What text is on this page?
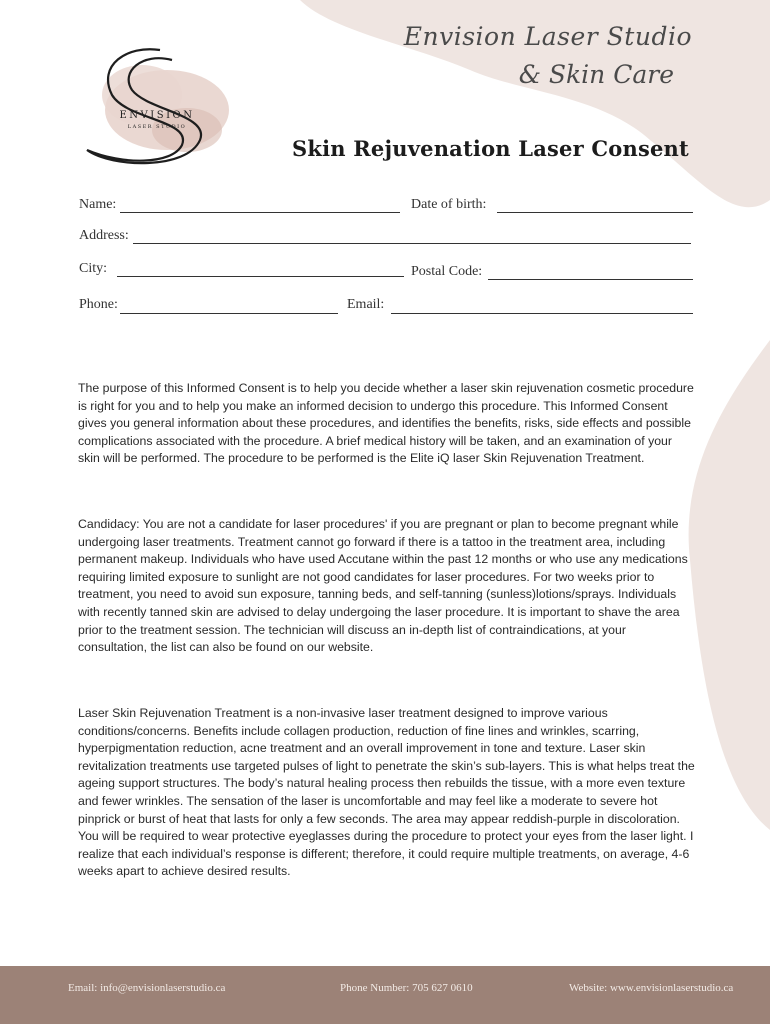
Envision Laser Studio
& Skin Care
ENVISION
LASER STUDIO
Skin Rejuvenation Laser Consent
Name:	Date of birth:
Address:
City:	Postal Code:
Phone:	Email:

The purpose of this Informed Consent is to help you decide whether a laser skin rejuvenation cosmetic procedure is right for you and to help you make an informed decision to undergo this procedure. This Informed Consent gives you general information about these procedures, and identifies the benefits, risks, side effects and possible complications associated with the procedure. A brief medical history will be taken, and an examination of your skin will be performed. The procedure to be performed is the Elite iQ laser Skin Rejuvenation Treatment.

Candidacy: You are not a candidate for laser procedures' if you are pregnant or plan to become pregnant while undergoing laser treatments. Treatment cannot go forward if there is a tattoo in the treatment area, including permanent makeup. Individuals who have used Accutane within the past 12 months or who use any medications requiring limited exposure to sunlight are not good candidates for laser procedures. For two weeks prior to treatment, you need to avoid sun exposure, tanning beds, and self-tanning (sunless)lotions/sprays. Individuals with recently tanned skin are advised to delay undergoing the laser procedure. It is important to shave the area prior to the treatment session. The technician will discuss an in-depth list of contraindications, at your consultation, the list can also be found on our website.

Laser Skin Rejuvenation Treatment is a non-invasive laser treatment designed to improve various conditions/concerns. Benefits include collagen production, reduction of fine lines and wrinkles, scarring, hyperpigmentation reduction, acne treatment and an overall improvement in tone and texture. Laser skin revitalization treatments use targeted pulses of light to penetrate the skin’s sub-layers. This is what helps treat the ageing support structures. The body’s natural healing process then rebuilds the tissue, with a more even texture and fewer wrinkles. The sensation of the laser is uncomfortable and may feel like a moderate to severe hot pinprick or burst of heat that lasts for only a few seconds. The area may appear reddish-purple in discoloration. You will be required to wear protective eyeglasses during the procedure to protect your eyes from the laser light. I realize that each individual’s response is different; therefore, it could require multiple treatments, on average, 4-6 weeks apart to achieve desired results.

Email: info@envisionlaserstudio.ca	Phone Number: 705 627 0610	Website: www.envisionlaserstudio.ca
